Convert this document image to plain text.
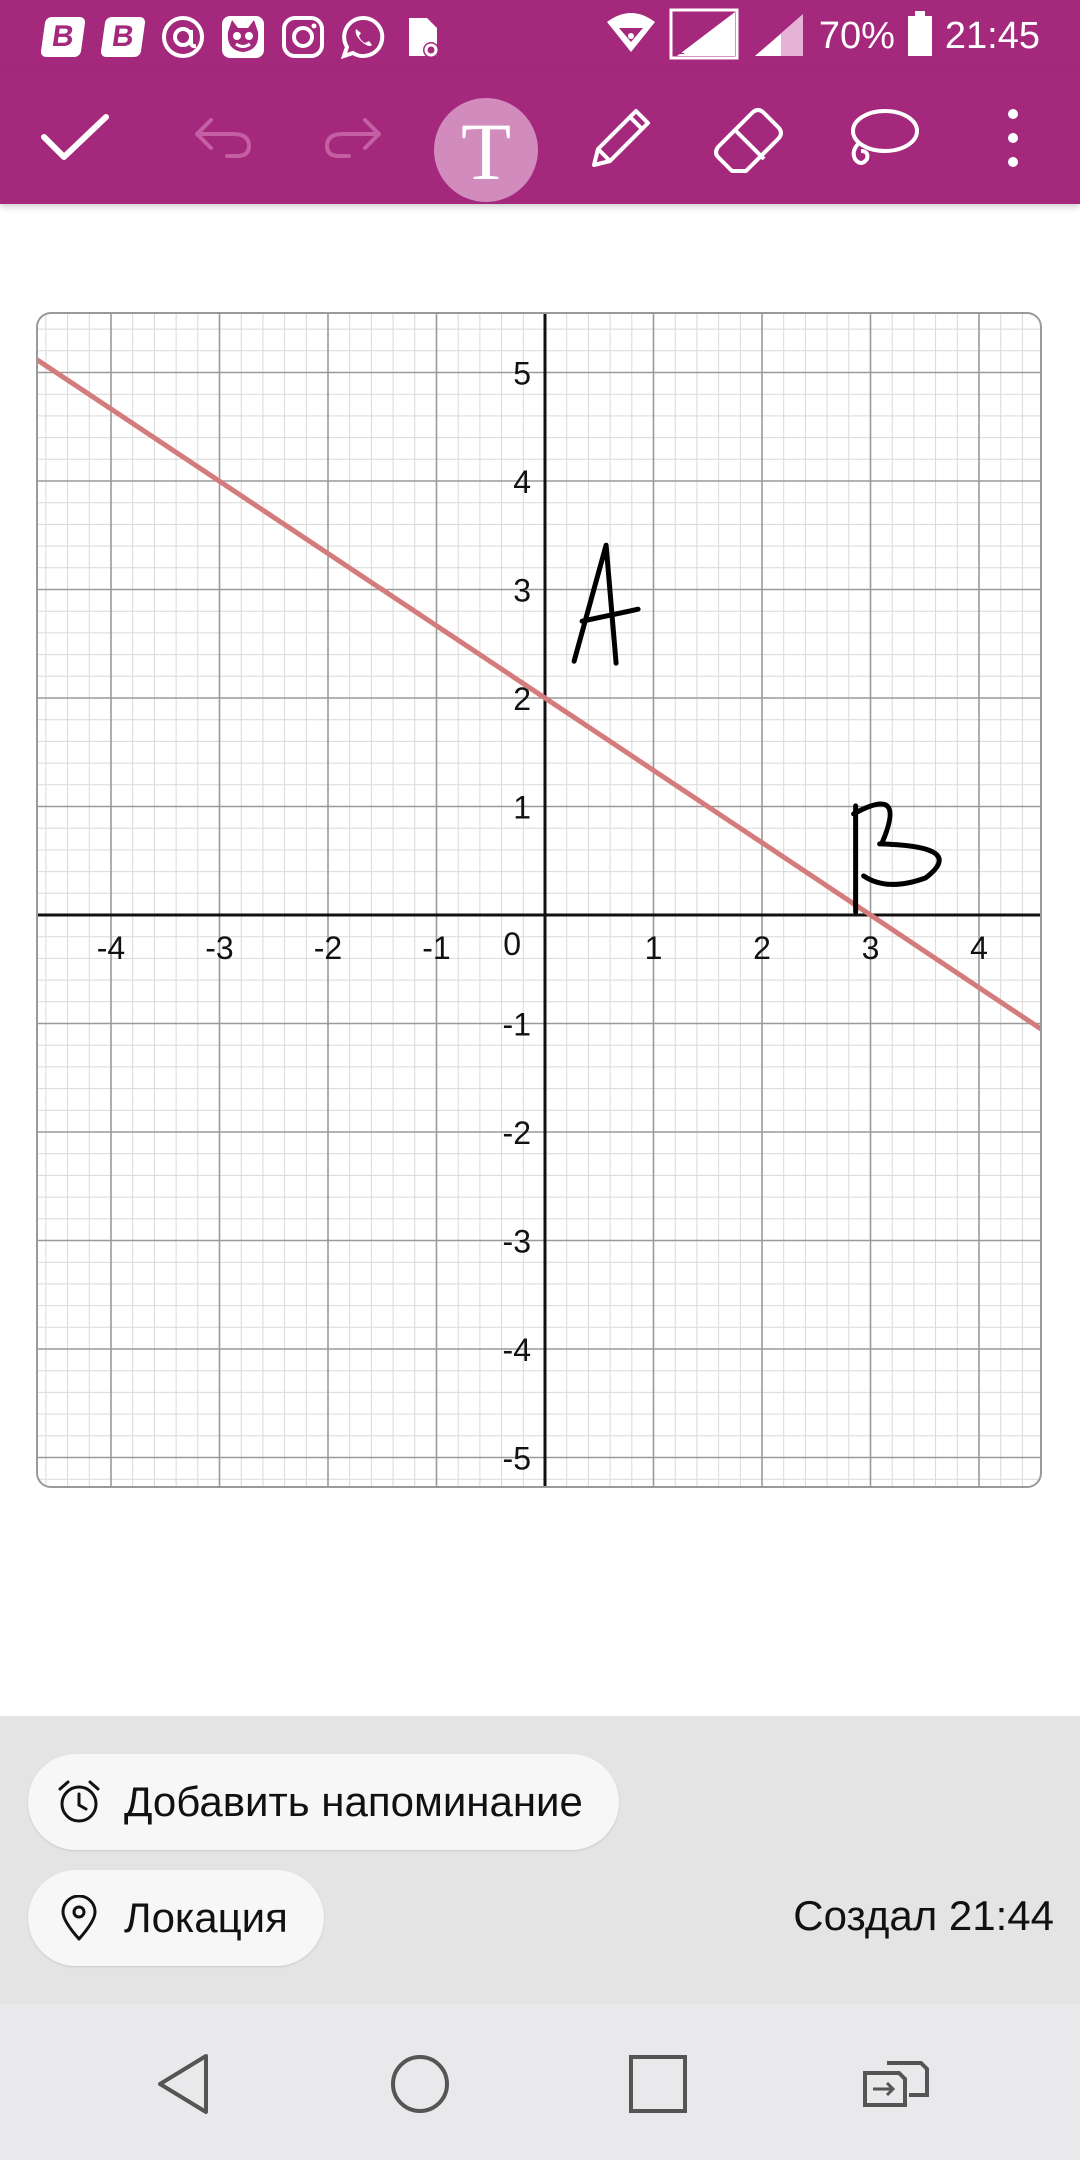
B	B	1	70% 21:45
T
-4	-3	-2	-1	1	2	3	4
5
4
3
2
1
-1
-2
-3
-4
-5
0
Добавить напоминание
Локация	Создал 21:44
